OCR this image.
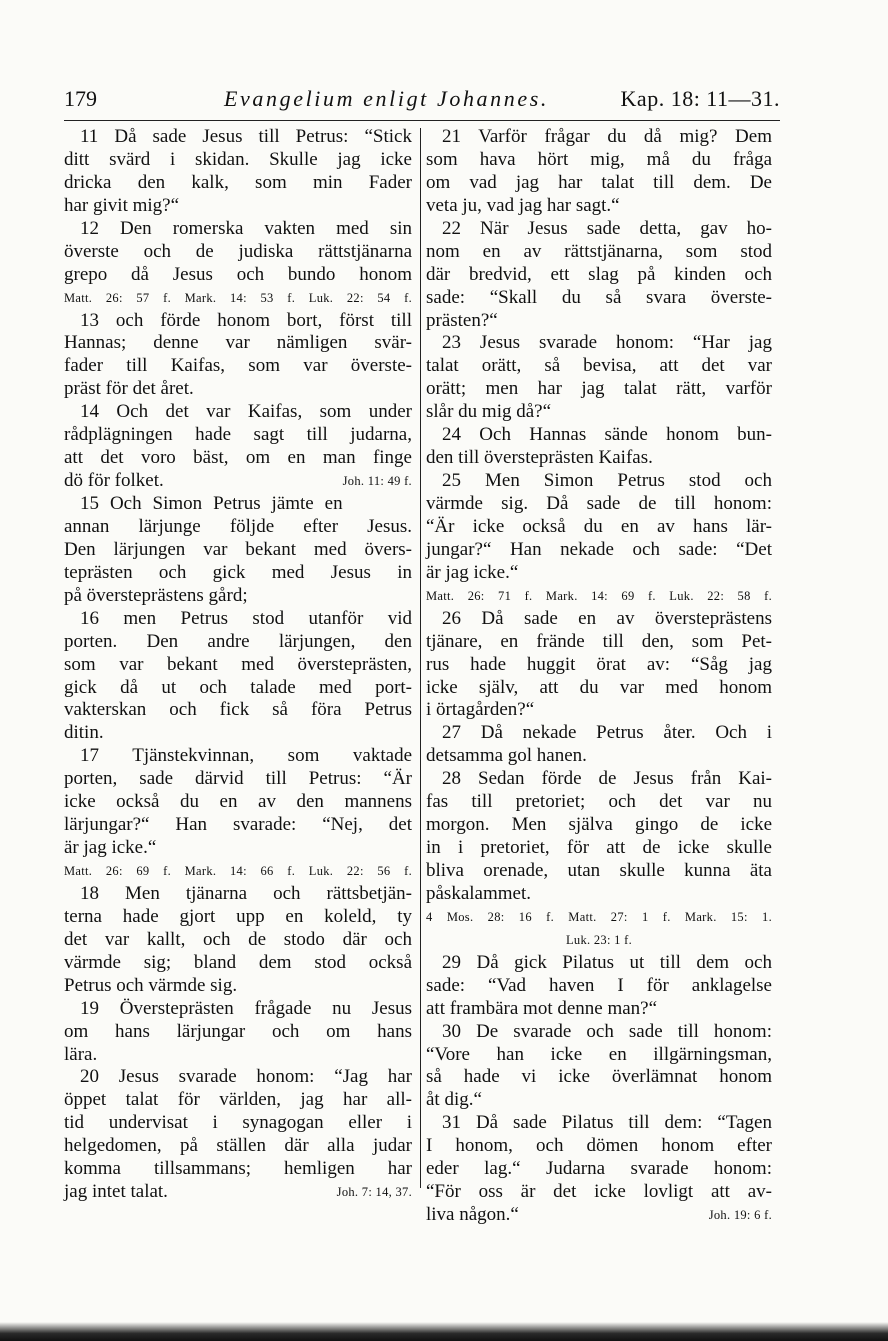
179	Evangelium enligt Johannes.	Kap. 18: 11—31.
11 Då sade Jesus till Petrus: “Stick
ditt svärd i skidan. Skulle jag icke
dricka den kalk, som min Fader
har givit mig?“
12 Den romerska vakten med sin
överste och de judiska rättstjänarna
grepo då Jesus och bundo honom
Matt. 26: 57 f. Mark. 14: 53 f. Luk. 22: 54 f.
13 och förde honom bort, först till
Hannas; denne var nämligen svär-
fader till Kaifas, som var överste-
präst för det året.
14 Och det var Kaifas, som under
rådplägningen hade sagt till judarna,
att det voro bäst, om en man finge
Joh. 11: 49 f.
dö för folket.
15 Och Simon Petrus jämte en
annan lärjunge följde efter Jesus.
Den lärjungen var bekant med övers-
teprästen och gick med Jesus in
på översteprästens gård;
16 men Petrus stod utanför vid
porten. Den andre lärjungen, den
som var bekant med översteprästen,
gick då ut och talade med port-
vakterskan och fick så föra Petrus
ditin.
17 Tjänstekvinnan, som vaktade
porten, sade därvid till Petrus: “Är
icke också du en av den mannens
lärjungar?“ Han svarade: “Nej, det
är jag icke.“
Matt. 26: 69 f. Mark. 14: 66 f. Luk. 22: 56 f.
18 Men tjänarna och rättsbetjän-
terna hade gjort upp en koleld, ty
det var kallt, och de stodo där och
värmde sig; bland dem stod också
Petrus och värmde sig.
19 Översteprästen frågade nu Jesus
om hans lärjungar och om hans
lära.
20 Jesus svarade honom: “Jag har
öppet talat för världen, jag har all-
tid undervisat i synagogan eller i
helgedomen, på ställen där alla judar
komma tillsammans; hemligen har
Joh. 7: 14, 37.
jag intet talat.
21 Varför frågar du då mig? Dem
som hava hört mig, må du fråga
om vad jag har talat till dem. De
veta ju, vad jag har sagt.“
22 När Jesus sade detta, gav ho-
nom en av rättstjänarna, som stod
där bredvid, ett slag på kinden och
sade: “Skall du så svara överste-
prästen?“
23 Jesus svarade honom: “Har jag
talat orätt, så bevisa, att det var
orätt; men har jag talat rätt, varför
slår du mig då?“
24 Och Hannas sände honom bun-
den till översteprästen Kaifas.
25 Men Simon Petrus stod och
värmde sig. Då sade de till honom:
“Är icke också du en av hans lär-
jungar?“ Han nekade och sade: “Det
är jag icke.“
Matt. 26: 71 f. Mark. 14: 69 f. Luk. 22: 58 f.
26 Då sade en av översteprästens
tjänare, en frände till den, som Pet-
rus hade huggit örat av: “Såg jag
icke själv, att du var med honom
i örtagården?“
27 Då nekade Petrus åter. Och i
detsamma gol hanen.
28 Sedan förde de Jesus från Kai-
fas till pretoriet; och det var nu
morgon. Men själva gingo de icke
in i pretoriet, för att de icke skulle
bliva orenade, utan skulle kunna äta
påskalammet.
4 Mos. 28: 16 f. Matt. 27: 1 f. Mark. 15: 1.
Luk. 23: 1 f.
29 Då gick Pilatus ut till dem och
sade: “Vad haven I för anklagelse
att frambära mot denne man?“
30 De svarade och sade till honom:
“Vore han icke en illgärningsman,
så hade vi icke överlämnat honom
åt dig.“
31 Då sade Pilatus till dem: “Tagen
I honom, och dömen honom efter
eder lag.“ Judarna svarade honom:
“För oss är det icke lovligt att av-
Joh. 19: 6 f.
liva någon.“
